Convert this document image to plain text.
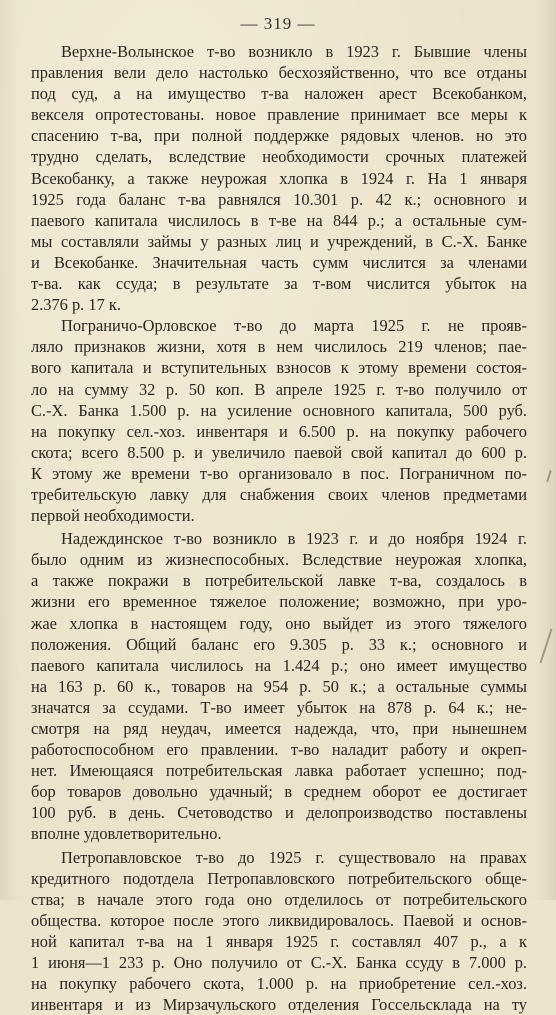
— 319 —
Верхне-Волынское т-во возникло в 1923 г. Бывшие члены
правления вели дело настолько бесхозяйственно, что все отданы
под суд, а на имущество т-ва наложен арест Всекобанком,
векселя опротестованы. новое правление принимает все меры к
спасению т-ва, при полной поддержке рядовых членов. но это
трудно сделать, вследствие необходимости срочных платежей
Всекобанку, а также неурожая хлопка в 1924 г. На 1 января
1925 года баланс т-ва равнялся 10.301 р. 42 к.; основного и
паевого капитала числилось в т-ве на 844 р.; а остальные сум-
мы составляли займы у разных лиц и учреждений, в С.-Х. Банке
и Всекобанке. Значительная часть сумм числится за членами
т-ва. как ссуда; в результате за т-вом числится убыток на
2.376 р. 17 к.
Пограничо-Орловское т-во до марта 1925 г. не прояв-
ляло признаков жизни, хотя в нем числилось 219 членов; пае-
вого капитала и вступительных взносов к этому времени состоя-
ло на сумму 32 р. 50 коп. В апреле 1925 г. т-во получило от
С.-Х. Банка 1.500 р. на усиление основного капитала, 500 руб.
на покупку сел.-хоз. инвентаря и 6.500 р. на покупку рабочего
скота; всего 8.500 р. и увеличило паевой свой капитал до 600 р.
К этому же времени т-во организовало в пос. Пограничном по-
требительскую лавку для снабжения своих членов предметами
первой необходимости.
Надеждинское т-во возникло в 1923 г. и до ноября 1924 г.
было одним из жизнеспособных. Вследствие неурожая хлопка,
а также покражи в потребительской лавке т-ва, создалось в
жизни его временное тяжелое положение; возможно, при уро-
жае хлопка в настоящем году, оно выйдет из этого тяжелого
положения. Общий баланс его 9.305 р. 33 к.; основного и
паевого капитала числилось на 1.424 р.; оно имеет имущество
на 163 р. 60 к., товаров на 954 р. 50 к.; а остальные суммы
значатся за ссудами. Т-во имеет убыток на 878 р. 64 к.; не-
смотря на ряд неудач, имеется надежда, что, при нынешнем
работоспособном его правлении. т-во наладит работу и окреп-
нет. Имеющаяся потребительская лавка работает успешно; под-
бор товаров довольно удачный; в среднем оборот ее достигает
100 руб. в день. Счетоводство и делопроизводство поставлены
вполне удовлетворительно.
Петропавловское т-во до 1925 г. существовало на правах
кредитного подотдела Петропавловского потребительского обще-
ства; в начале этого года оно отделилось от потребительского
общества. которое после этого ликвидировалось. Паевой и основ-
ной капитал т-ва на 1 января 1925 г. составлял 407 р., а к
1 июня—1 233 р. Оно получило от С.-Х. Банка ссуду в 7.000 р.
на покупку рабочего скота, 1.000 р. на приобретение сел.-хоз.
инвентаря и из Мирзачульского отделения Госсельсклада на ту
